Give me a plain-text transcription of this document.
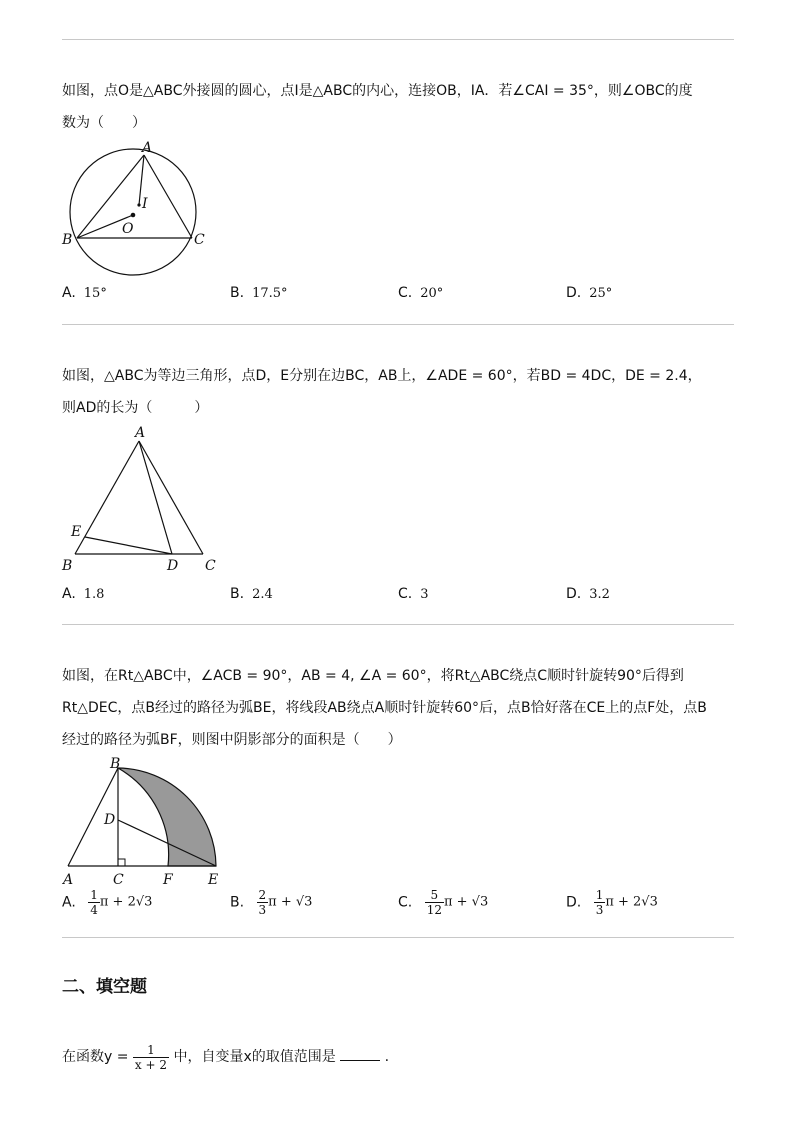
如图，点O是△ABC外接圆的圆心，点I是△ABC的内心，连接OB，IA．若∠CAI = 35°，则∠OBC的度
数为（　　）
A
I
O
B	C
A. 15°	B. 17.5°	C. 20°	D. 25°
如图，△ABC为等边三角形，点D，E分别在边BC，AB上，∠ADE = 60°，若BD = 4DC，DE = 2.4，
则AD的长为（　　　）
A
E
B	D C
A. 1.8	B. 2.4	C. 3	D. 3.2
如图，在Rt△ABC中，∠ACB = 90°，AB = 4, ∠A = 60°，将Rt△ABC绕点C顺时针旋转90°后得到
Rt△DEC，点B经过的路径为弧BE，将线段AB绕点A顺时针旋转60°后，点B恰好落在CE上的点F处，点B
经过的路径为弧BF，则图中阴影部分的面积是（　　）
B
D
A	C	F	E
A. $\frac{1}{4}$ π + 2√3	B. $\frac{2}{3}$ π + √3	C. $\frac{5}{12}$ π + √3	D. $\frac{1}{3}$ π + 2√3
二、填空题
在函数$y = \frac{1}{x + 2}$ 中，自变量x的取值范围是	.
